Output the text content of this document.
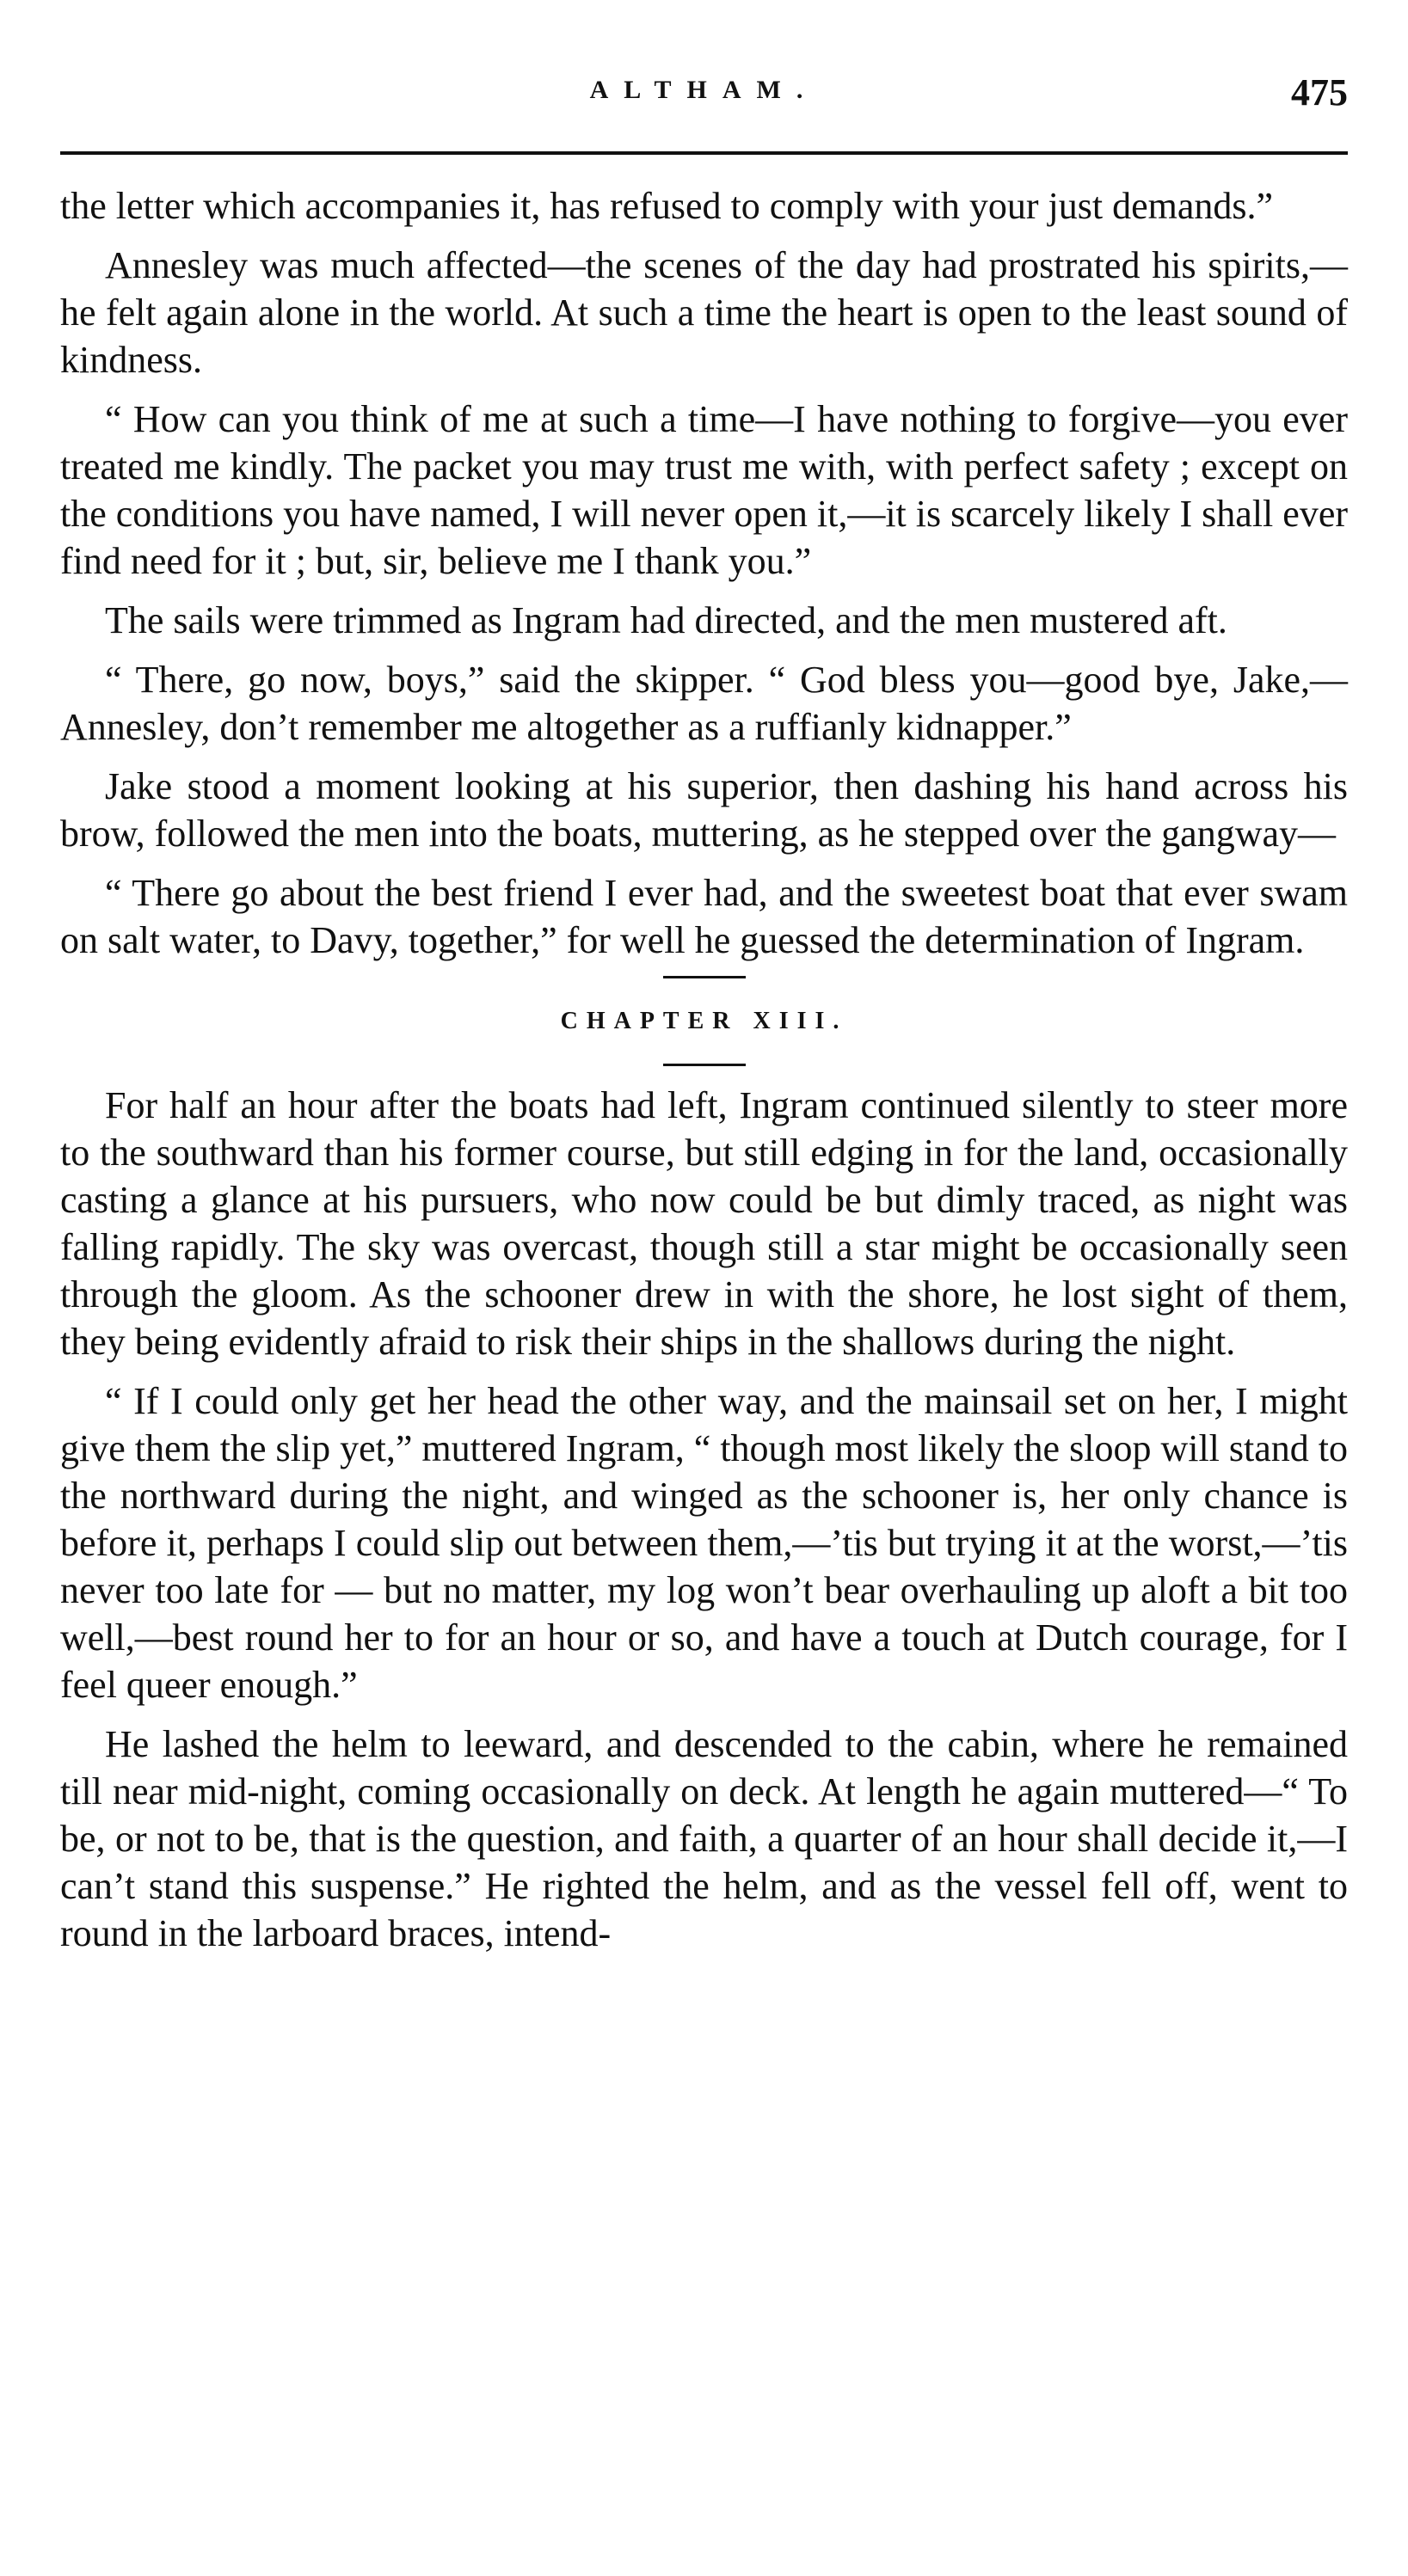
ALTHAM.	475

the letter which accompanies it, has refused to comply with your just demands.”

Annesley was much affected—the scenes of the day had prostrated his spirits,—he felt again alone in the world. At such a time the heart is open to the least sound of kindness.

“ How can you think of me at such a time—I have nothing to forgive—you ever treated me kindly. The packet you may trust me with, with perfect safety ; except on the conditions you have named, I will never open it,—it is scarcely likely I shall ever find need for it ; but, sir, believe me I thank you.”

The sails were trimmed as Ingram had directed, and the men mustered aft.

“ There, go now, boys,” said the skipper. “ God bless you—good bye, Jake,—Annesley, don’t remember me altogether as a ruffianly kidnapper.”

Jake stood a moment looking at his superior, then dashing his hand across his brow, followed the men into the boats, muttering, as he stepped over the gangway—

“ There go about the best friend I ever had, and the sweetest boat that ever swam on salt water, to Davy, together,” for well he guessed the determination of Ingram.

CHAPTER XIII.

For half an hour after the boats had left, Ingram continued silently to steer more to the southward than his former course, but still edging in for the land, occasionally casting a glance at his pursuers, who now could be but dimly traced, as night was falling rapidly. The sky was overcast, though still a star might be occasionally seen through the gloom. As the schooner drew in with the shore, he lost sight of them, they being evidently afraid to risk their ships in the shallows during the night.

“ If I could only get her head the other way, and the mainsail set on her, I might give them the slip yet,” muttered Ingram, “ though most likely the sloop will stand to the northward during the night, and winged as the schooner is, her only chance is before it, perhaps I could slip out between them,—’tis but trying it at the worst,—’tis never too late for — but no matter, my log won’t bear overhauling up aloft a bit too well,—best round her to for an hour or so, and have a touch at Dutch courage, for I feel queer enough.”

He lashed the helm to leeward, and descended to the cabin, where he remained till near mid-night, coming occasionally on deck. At length he again muttered—“ To be, or not to be, that is the question, and faith, a quarter of an hour shall decide it,—I can’t stand this suspense.” He righted the helm, and as the vessel fell off, went to round in the larboard braces, intend-
